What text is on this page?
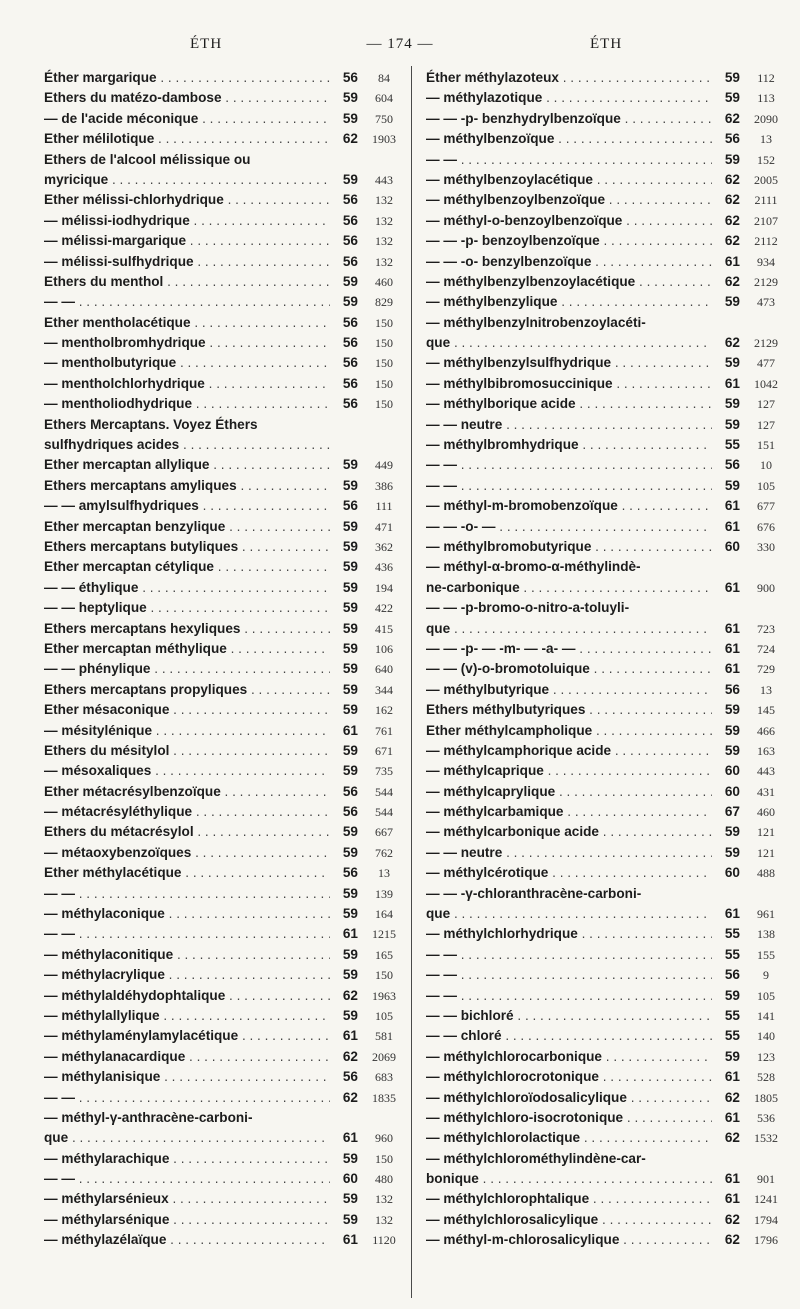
ÉTH	— 174 —	ÉTH
Éther margarique . . .	56	84
Ethers du matézo-dambose . . .	59	604
— de l'acide méconique . . .	59	750
Ether mélilotique . . .	62	1903
Ethers de l'alcool mélissique ou
myricique . . .	59	443
Ether mélissi-chlorhydrique . . .	56	132
— mélissi-iodhydrique . . .	56	132
— mélissi-margarique . . .	56	132
— mélissi-sulfhydrique . . .	56	132
Ethers du menthol . . .	59	460
— — . . .	59	829
Ether mentholacétique . . .	56	150
— mentholbromhydrique . . .	56	150
— mentholbutyrique . . .	56	150
— mentholchlorhydrique . . .	56	150
— mentholiodhydrique . . .	56	150
Ethers Mercaptans. Voyez Éthers
sulfhydriques acides . . .
Ether mercaptan allylique . . .	59	449
Ethers mercaptans amyliques . . .	59	386
— — amylsulfhydriques . . .	56	111
Ether mercaptan benzylique . . .	59	471
Ethers mercaptans butyliques . . .	59	362
Ether mercaptan cétylique . . .	59	436
— — éthylique . . .	59	194
— — heptylique . . .	59	422
Ethers mercaptans hexyliques . . .	59	415
Ether mercaptan méthylique . . .	59	106
— — phénylique . . .	59	640
Ethers mercaptans propyliques . . .	59	344
Ether mésaconique . . .	59	162
— mésitylénique . . .	61	761
Ethers du mésitylol . . .	59	671
— mésoxaliques . . .	59	735
Ether métacrésylbenzoïque . . .	56	544
— métacrésyléthylique . . .	56	544
Ethers du métacrésylol . . .	59	667
— métaoxybenzoïques . . .	59	762
Ether méthylacétique . . .	56	13
— — . . .	59	139
— méthylaconique . . .	59	164
— — . . .	61	1215
— méthylaconitique . . .	59	165
— méthylacrylique . . .	59	150
— méthylaldéhydophtalique . . .	62	1963
— méthylallylique . . .	59	105
— méthylaménylamylacétique . . .	61	581
— méthylanacardique . . .	62	2069
— méthylanisique . . .	56	683
— — . . .	62	1835
— méthyl-γ-anthracène-carboni-
que . . .	61	960
— méthylarachique . . .	59	150
— — . . .	60	480
— méthylarsénieux . . .	59	132
— méthylarsénique . . .	59	132
— méthylazélaïque . . .	61	1120
Éther méthylazoteux . . .	59	112
— méthylazotique . . .	59	113
— — -p- benzhydrylbenzoïque . . .	62	2090
— méthylbenzoïque . . .	56	13
— — . . .	59	152
— méthylbenzoylacétique . . .	62	2005
— méthylbenzoylbenzoïque . . .	62	2111
— méthyl-o-benzoylbenzoïque . . .	62	2107
— — -p- benzoylbenzoïque . . .	62	2112
— — -o- benzylbenzoïque . . .	61	934
— méthylbenzylbenzoylacétique . . .	62	2129
— méthylbenzylique . . .	59	473
— méthylbenzylnitrobenzoylacéti-
que . . .	62	2129
— méthylbenzylsulfhydrique . . .	59	477
— méthylbibromosuccinique . . .	61	1042
— méthylborique acide . . .	59	127
— — neutre . . .	59	127
— méthylbromhydrique . . .	55	151
— — . . .	56	10
— — . . .	59	105
— méthyl-m-bromobenzoïque . . .	61	677
— — -o- — . . .	61	676
— méthylbromobutyrique . . .	60	330
— méthyl-α-bromo-α-méthylindè-
ne-carbonique . . .	61	900
— — -p-bromo-o-nitro-a-toluyli-
que . . .	61	723
— — -p- — -m- — -a- — . . .	61	724
— — (v)-o-bromotoluique . . .	61	729
— méthylbutyrique . . .	56	13
Ethers méthylbutyriques . . .	59	145
Ether méthylcampholique . . .	59	466
— méthylcamphorique acide . . .	59	163
— méthylcaprique . . .	60	443
— méthylcaprylique . . .	60	431
— méthylcarbamique . . .	67	460
— méthylcarbonique acide . . .	59	121
— — neutre . . .	59	121
— méthylcérotique . . .	60	488
— — -γ-chloranthracène-carboni-
que . . .	61	961
— méthylchlorhydrique . . .	55	138
— — . . .	55	155
— — . . .	56	9
— — . . .	59	105
— — bichloré . . .	55	141
— — chloré . . .	55	140
— méthylchlorocarbonique . . .	59	123
— méthylchlorocrotonique . . .	61	528
— méthylchloroïodosalicylique . . .	62	1805
— méthylchloro-isocrotonique . . .	61	536
— méthylchlorolactique . . .	62	1532
— méthylchlorométhylindène-car-
bonique . . .	61	901
— méthylchlorophtalique . . .	61	1241
— méthylchlorosalicylique . . .	62	1794
— méthyl-m-chlorosalicylique . . .	62	1796
